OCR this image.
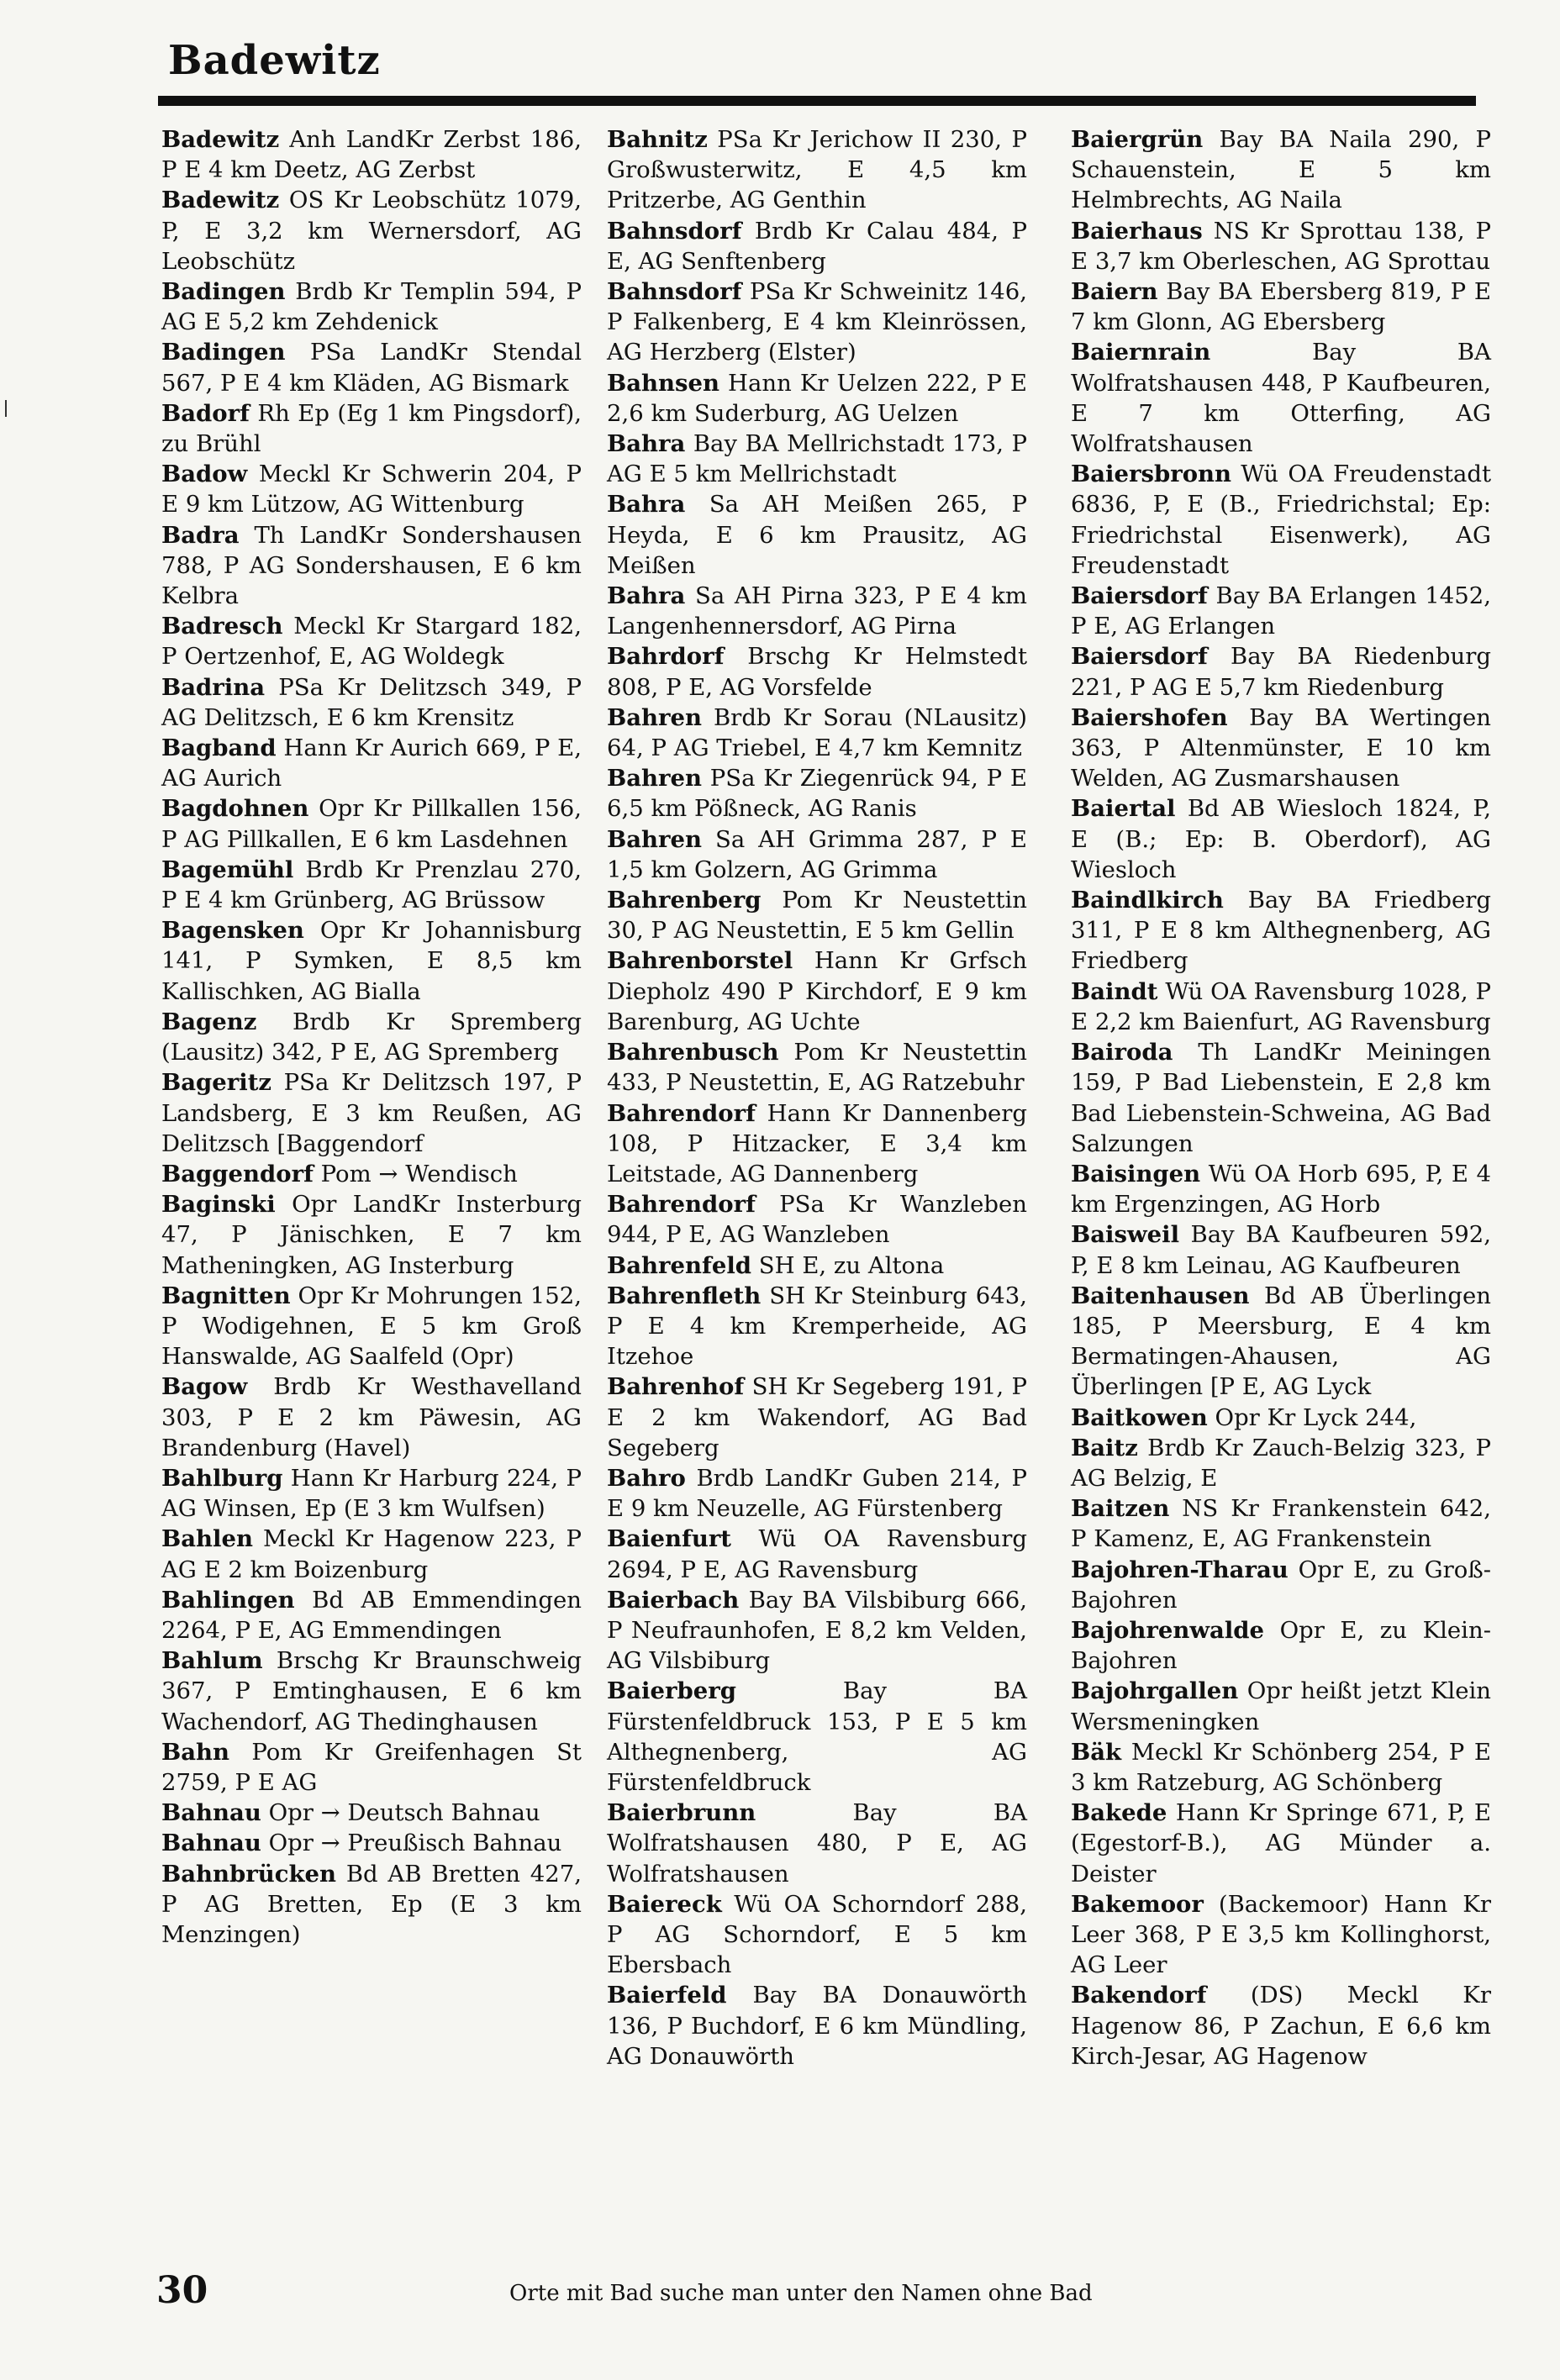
Badewitz
Badewitz Anh LandKr Zerbst 186, P E 4 km Deetz, AG Zerbst
Badewitz OS Kr Leobschütz 1079, P, E 3,2 km Wernersdorf, AG Leobschütz
Badingen Brdb Kr Templin 594, P AG E 5,2 km Zehdenick
Badingen PSa LandKr Stendal 567, P E 4 km Kläden, AG Bismark
Badorf Rh Ep (Eg 1 km Pingsdorf), zu Brühl
Badow Meckl Kr Schwerin 204, P E 9 km Lützow, AG Wittenburg
Badra Th LandKr Sondershausen 788, P AG Sondershausen, E 6 km Kelbra
Badresch Meckl Kr Stargard 182, P Oertzenhof, E, AG Woldegk
Badrina PSa Kr Delitzsch 349, P AG Delitzsch, E 6 km Krensitz
Bagband Hann Kr Aurich 669, P E, AG Aurich
Bagdohnen Opr Kr Pillkallen 156, P AG Pillkallen, E 6 km Lasdehnen
Bagemühl Brdb Kr Prenzlau 270, P E 4 km Grünberg, AG Brüssow
Bagensken Opr Kr Johannisburg 141, P Symken, E 8,5 km Kallischken, AG Bialla
Bagenz Brdb Kr Spremberg (Lausitz) 342, P E, AG Spremberg
Bageritz PSa Kr Delitzsch 197, P Landsberg, E 3 km Reußen, AG Delitzsch [Baggendorf
Baggendorf Pom → Wendisch
Baginski Opr LandKr Insterburg 47, P Jänischken, E 7 km Matheningken, AG Insterburg
Bagnitten Opr Kr Mohrungen 152, P Wodigehnen, E 5 km Groß Hanswalde, AG Saalfeld (Opr)
Bagow Brdb Kr Westhavelland 303, P E 2 km Päwesin, AG Brandenburg (Havel)
Bahlburg Hann Kr Harburg 224, P AG Winsen, Ep (E 3 km Wulfsen)
Bahlen Meckl Kr Hagenow 223, P AG E 2 km Boizenburg
Bahlingen Bd AB Emmendingen 2264, P E, AG Emmendingen
Bahlum Brschg Kr Braunschweig 367, P Emtinghausen, E 6 km Wachendorf, AG Thedinghausen
Bahn Pom Kr Greifenhagen St 2759, P E AG
Bahnau Opr → Deutsch Bahnau
Bahnau Opr → Preußisch Bahnau
Bahnbrücken Bd AB Bretten 427, P AG Bretten, Ep (E 3 km Menzingen)
Bahnitz PSa Kr Jerichow II 230, P Großwusterwitz, E 4,5 km Pritzerbe, AG Genthin
Bahnsdorf Brdb Kr Calau 484, P E, AG Senftenberg
Bahnsdorf PSa Kr Schweinitz 146, P Falkenberg, E 4 km Kleinrössen, AG Herzberg (Elster)
Bahnsen Hann Kr Uelzen 222, P E 2,6 km Suderburg, AG Uelzen
Bahra Bay BA Mellrichstadt 173, P AG E 5 km Mellrichstadt
Bahra Sa AH Meißen 265, P Heyda, E 6 km Prausitz, AG Meißen
Bahra Sa AH Pirna 323, P E 4 km Langenhennersdorf, AG Pirna
Bahrdorf Brschg Kr Helmstedt 808, P E, AG Vorsfelde
Bahren Brdb Kr Sorau (NLausitz) 64, P AG Triebel, E 4,7 km Kemnitz
Bahren PSa Kr Ziegenrück 94, P E 6,5 km Pößneck, AG Ranis
Bahren Sa AH Grimma 287, P E 1,5 km Golzern, AG Grimma
Bahrenberg Pom Kr Neustettin 30, P AG Neustettin, E 5 km Gellin
Bahrenborstel Hann Kr Grfsch Diepholz 490 P Kirchdorf, E 9 km Barenburg, AG Uchte
Bahrenbusch Pom Kr Neustettin 433, P Neustettin, E, AG Ratzebuhr
Bahrendorf Hann Kr Dannenberg 108, P Hitzacker, E 3,4 km Leitstade, AG Dannenberg
Bahrendorf PSa Kr Wanzleben 944, P E, AG Wanzleben
Bahrenfeld SH E, zu Altona
Bahrenfleth SH Kr Steinburg 643, P E 4 km Kremperheide, AG Itzehoe
Bahrenhof SH Kr Segeberg 191, P E 2 km Wakendorf, AG Bad Segeberg
Bahro Brdb LandKr Guben 214, P E 9 km Neuzelle, AG Fürstenberg
Baienfurt Wü OA Ravensburg 2694, P E, AG Ravensburg
Baierbach Bay BA Vilsbiburg 666, P Neufraunhofen, E 8,2 km Velden, AG Vilsbiburg
Baierberg Bay BA Fürstenfeldbruck 153, P E 5 km Althegnenberg, AG Fürstenfeldbruck
Baierbrunn Bay BA Wolfratshausen 480, P E, AG Wolfratshausen
Baiereck Wü OA Schorndorf 288, P AG Schorndorf, E 5 km Ebersbach
Baierfeld Bay BA Donauwörth 136, P Buchdorf, E 6 km Mündling, AG Donauwörth
Baiergrün Bay BA Naila 290, P Schauenstein, E 5 km Helmbrechts, AG Naila
Baierhaus NS Kr Sprottau 138, P E 3,7 km Oberleschen, AG Sprottau
Baiern Bay BA Ebersberg 819, P E 7 km Glonn, AG Ebersberg
Baiernrain Bay BA Wolfratshausen 448, P Kaufbeuren, E 7 km Otterfing, AG Wolfratshausen
Baiersbronn Wü OA Freudenstadt 6836, P, E (B., Friedrichstal; Ep: Friedrichstal Eisenwerk), AG Freudenstadt
Baiersdorf Bay BA Erlangen 1452, P E, AG Erlangen
Baiersdorf Bay BA Riedenburg 221, P AG E 5,7 km Riedenburg
Baiershofen Bay BA Wertingen 363, P Altenmünster, E 10 km Welden, AG Zusmarshausen
Baiertal Bd AB Wiesloch 1824, P, E (B.; Ep: B. Oberdorf), AG Wiesloch
Baindlkirch Bay BA Friedberg 311, P E 8 km Althegnenberg, AG Friedberg
Baindt Wü OA Ravensburg 1028, P E 2,2 km Baienfurt, AG Ravensburg
Bairoda Th LandKr Meiningen 159, P Bad Liebenstein, E 2,8 km Bad Liebenstein-Schweina, AG Bad Salzungen
Baisingen Wü OA Horb 695, P, E 4 km Ergenzingen, AG Horb
Baisweil Bay BA Kaufbeuren 592, P, E 8 km Leinau, AG Kaufbeuren
Baitenhausen Bd AB Überlingen 185, P Meersburg, E 4 km Bermatingen-Ahausen, AG Überlingen [P E, AG Lyck
Baitkowen Opr Kr Lyck 244,
Baitz Brdb Kr Zauch-Belzig 323, P AG Belzig, E
Baitzen NS Kr Frankenstein 642, P Kamenz, E, AG Frankenstein
Bajohren-Tharau Opr E, zu Groß-Bajohren
Bajohrenwalde Opr E, zu Klein-Bajohren
Bajohrgallen Opr heißt jetzt Klein Wersmeningken
Bäk Meckl Kr Schönberg 254, P E 3 km Ratzeburg, AG Schönberg
Bakede Hann Kr Springe 671, P, E (Egestorf-B.), AG Münder a. Deister
Bakemoor (Backemoor) Hann Kr Leer 368, P E 3,5 km Kollinghorst, AG Leer
Bakendorf (DS) Meckl Kr Hagenow 86, P Zachun, E 6,6 km Kirch-Jesar, AG Hagenow
30	Orte mit Bad suche man unter den Namen ohne Bad
